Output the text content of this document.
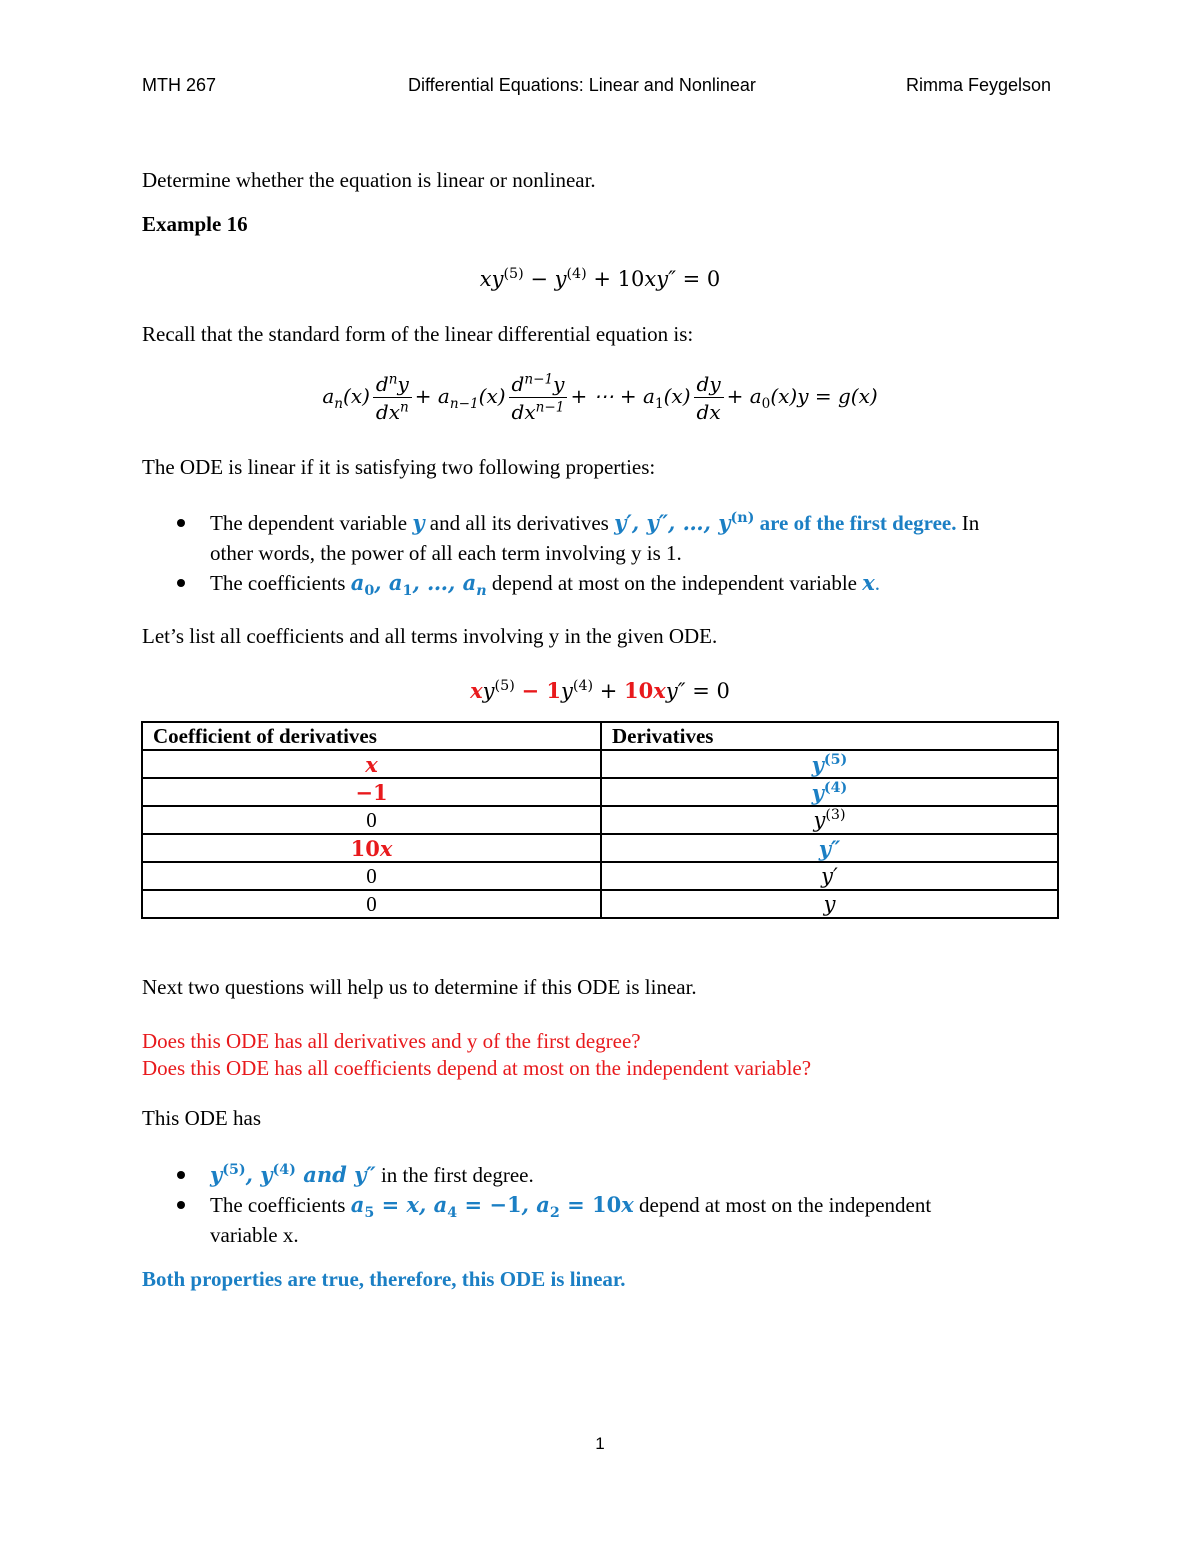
MTH 267	Differential Equations: Linear and Nonlinear	Rimma Feygelson
Determine whether the equation is linear or nonlinear.
Example 16
$xy^{(5)} - y^{(4)} + 10xy'' = 0$
Recall that the standard form of the linear differential equation is:
$a_n(x) \frac{d^ny}{dx^n} + a_{n-1}(x) \frac{d^{n-1}y}{dx^{n-1}}$ + ⋯ + $a_1(x) \frac{dy}{dx} + a_0(x)y = g(x)$
The ODE is linear if it is satisfying two following properties:
The dependent variable y and all its derivatives y′, y″, …, $y^{(n)}$ are of the first degree. In
other words, the power of all each term involving y is 1.
The coefficients $a_0$, $a_1$, …, $a_n$ depend at most on the independent variable x.
Let’s list all coefficients and all terms involving y in the given ODE.
$xy^{(5)} - 1y^{(4)} + 10xy'' = 0$
Coefficient of derivatives	Derivatives
x	$y^{(5)}$
−1	$y^{(4)}$
0	$y^{(3)}$
10x	y″
0	y′
0	y
Next two questions will help us to determine if this ODE is linear.
Does this ODE has all derivatives and y of the first degree?
Does this ODE has all coefficients depend at most on the independent variable?
This ODE has
$y^{(5)}$, $y^{(4)}$ and y″ in the first degree.
The coefficients $a_5 = x$, $a_4 = -1$, $a_2 = 10x$ depend at most on the independent
variable x.
Both properties are true, therefore, this ODE is linear.
1
